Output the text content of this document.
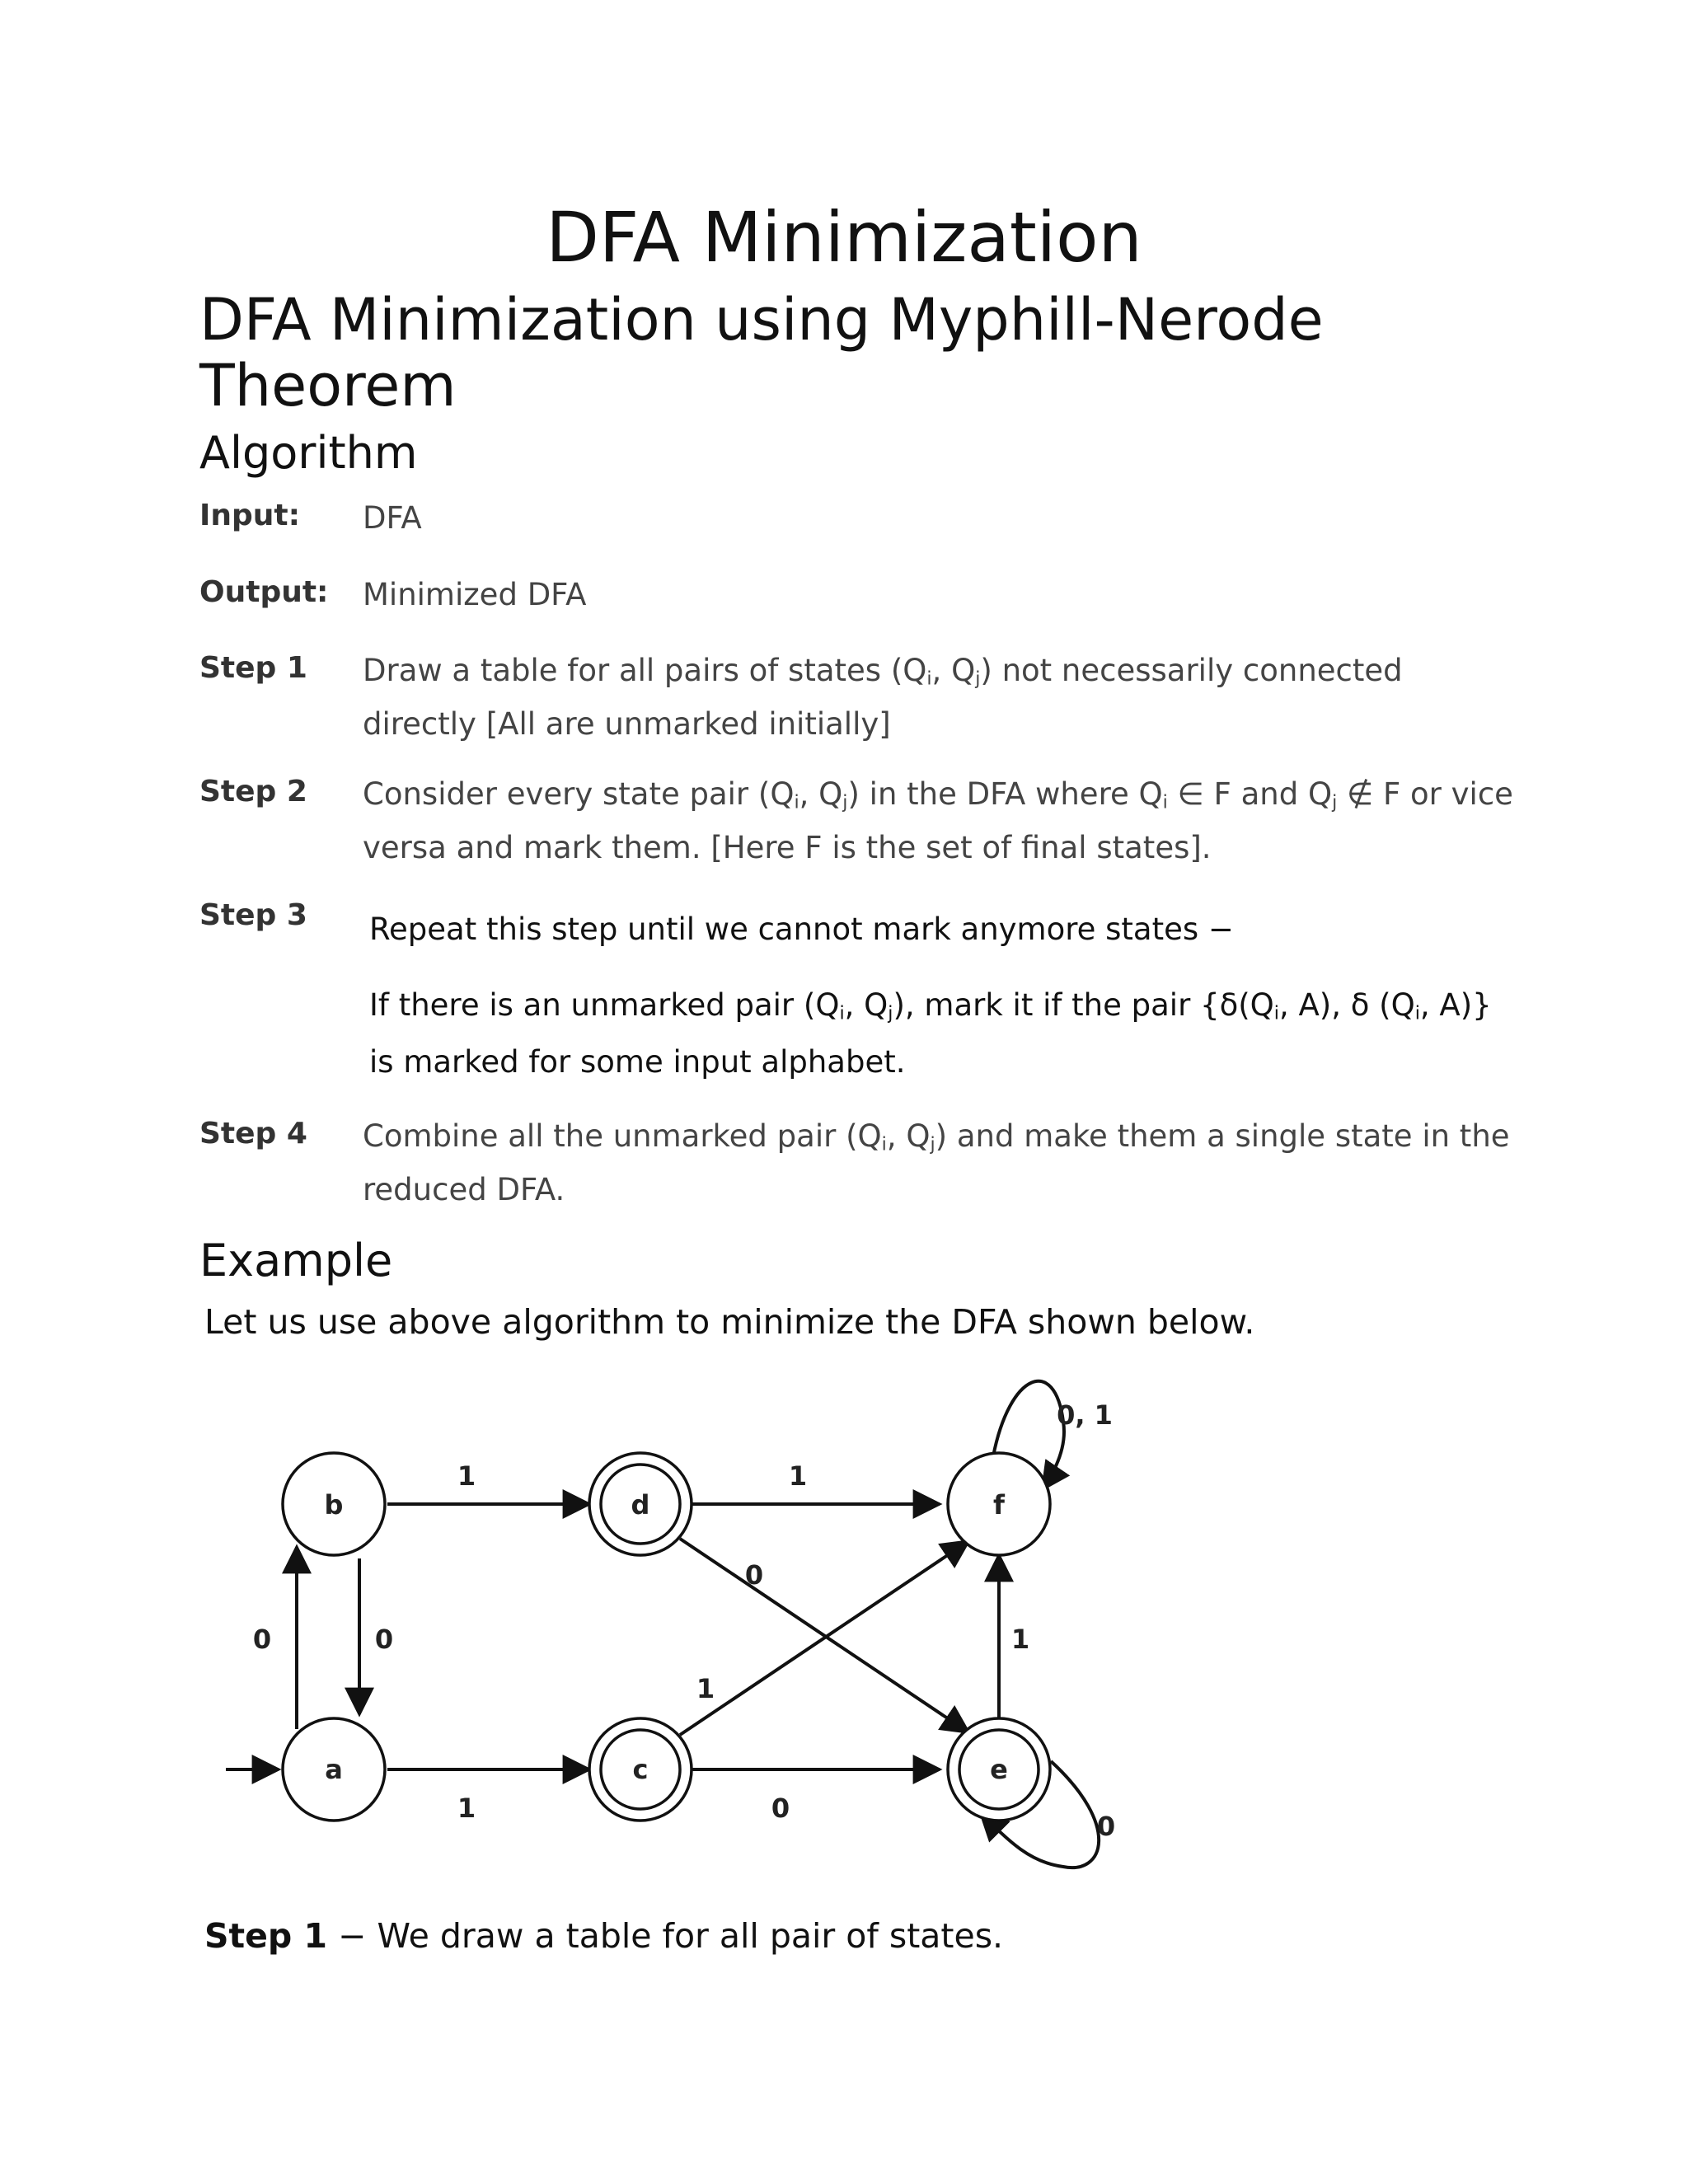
DFA Minimization
DFA Minimization using Myphill-Nerode Theorem
Algorithm
Input: DFA
Output: Minimized DFA
Step 1 Draw a table for all pairs of states ($Q_i$, $Q_j$) not necessarily connected directly [All are unmarked initially]
Step 2 Consider every state pair ($Q_i$, $Q_j$) in the DFA where $Q_i$ ∈ F and $Q_j$ ∉ F or vice versa and mark them. [Here F is the set of final states].
Step 3 Repeat this step until we cannot mark anymore states −
If there is an unmarked pair ($Q_i$, $Q_j$), mark it if the pair {$\delta(Q_i$, A), δ ($Q_i$, A)} is marked for some input alphabet.
Step 4 Combine all the unmarked pair ($Q_i$, $Q_j$) and make them a single state in the reduced DFA.
Example
Let us use above algorithm to minimize the DFA shown below.
b
a
d
c
f
e
1	1
0
0	0
1
1
1	0
0, 1
0
Step 1 − We draw a table for all pair of states.
